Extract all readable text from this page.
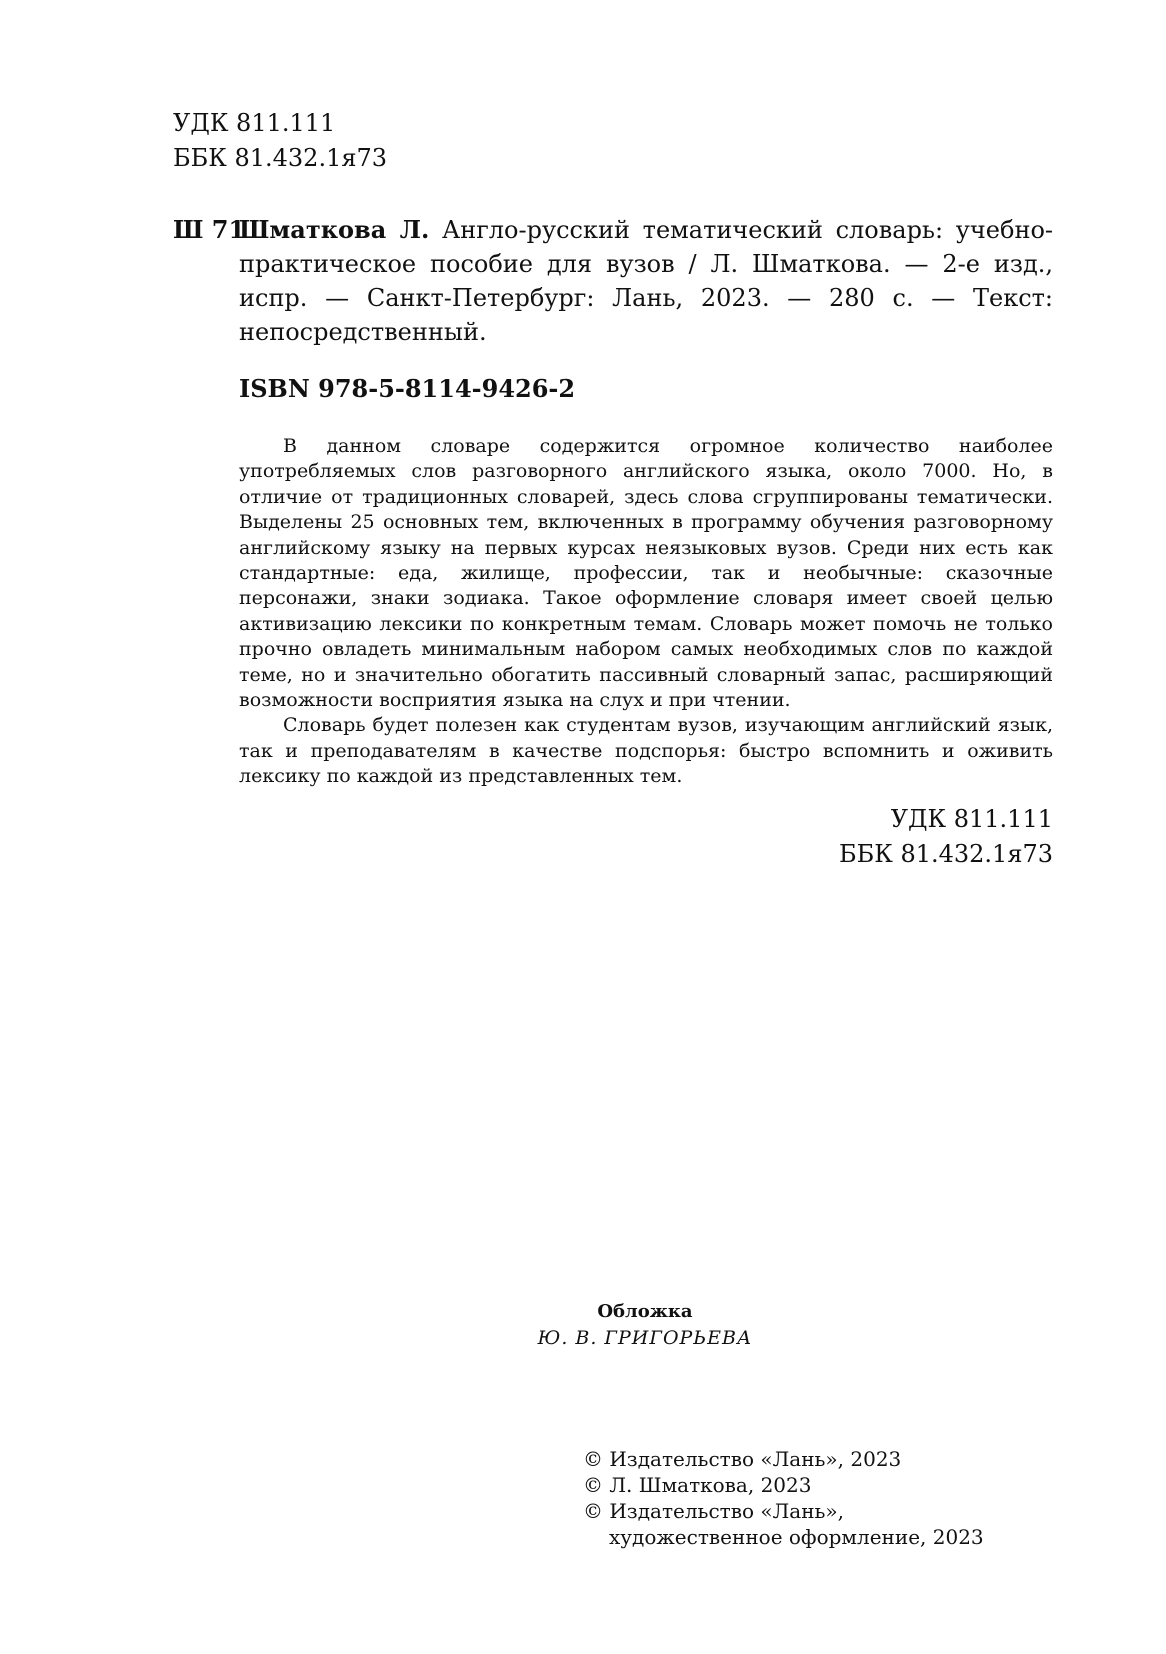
УДК 811.111
ББК 81.432.1я73
Ш 71
Шматкова Л. Англо-русский тематический словарь: учебно-практическое пособие для вузов / Л. Шматкова. — 2-е изд., испр. — Санкт-Петербург: Лань, 2023. — 280 с. — Текст: непосредственный.
ISBN 978-5-8114-9426-2

В данном словаре содержится огромное количество наиболее употребляемых слов разговорного английского языка, около 7000. Но, в отличие от традиционных словарей, здесь слова сгруппированы тематически. Выделены 25 основных тем, включенных в программу обучения разговорному английскому языку на первых курсах неязыковых вузов. Среди них есть как стандартные: еда, жилище, профессии, так и необычные: сказочные персонажи, знаки зодиака. Такое оформление словаря имеет своей целью активизацию лексики по конкретным темам. Словарь может помочь не только прочно овладеть минимальным набором самых необходимых слов по каждой теме, но и значительно обогатить пассивный словарный запас, расширяющий возможности восприятия языка на слух и при чтении.

Словарь будет полезен как студентам вузов, изучающим английский язык, так и преподавателям в качестве подспорья: быстро вспомнить и оживить лексику по каждой из представленных тем.

УДК 811.111
ББК 81.432.1я73
Обложка
Ю. В. ГРИГОРЬЕВА
© Издательство «Лань», 2023
© Л. Шматкова, 2023
© Издательство «Лань»,
художественное оформление, 2023
